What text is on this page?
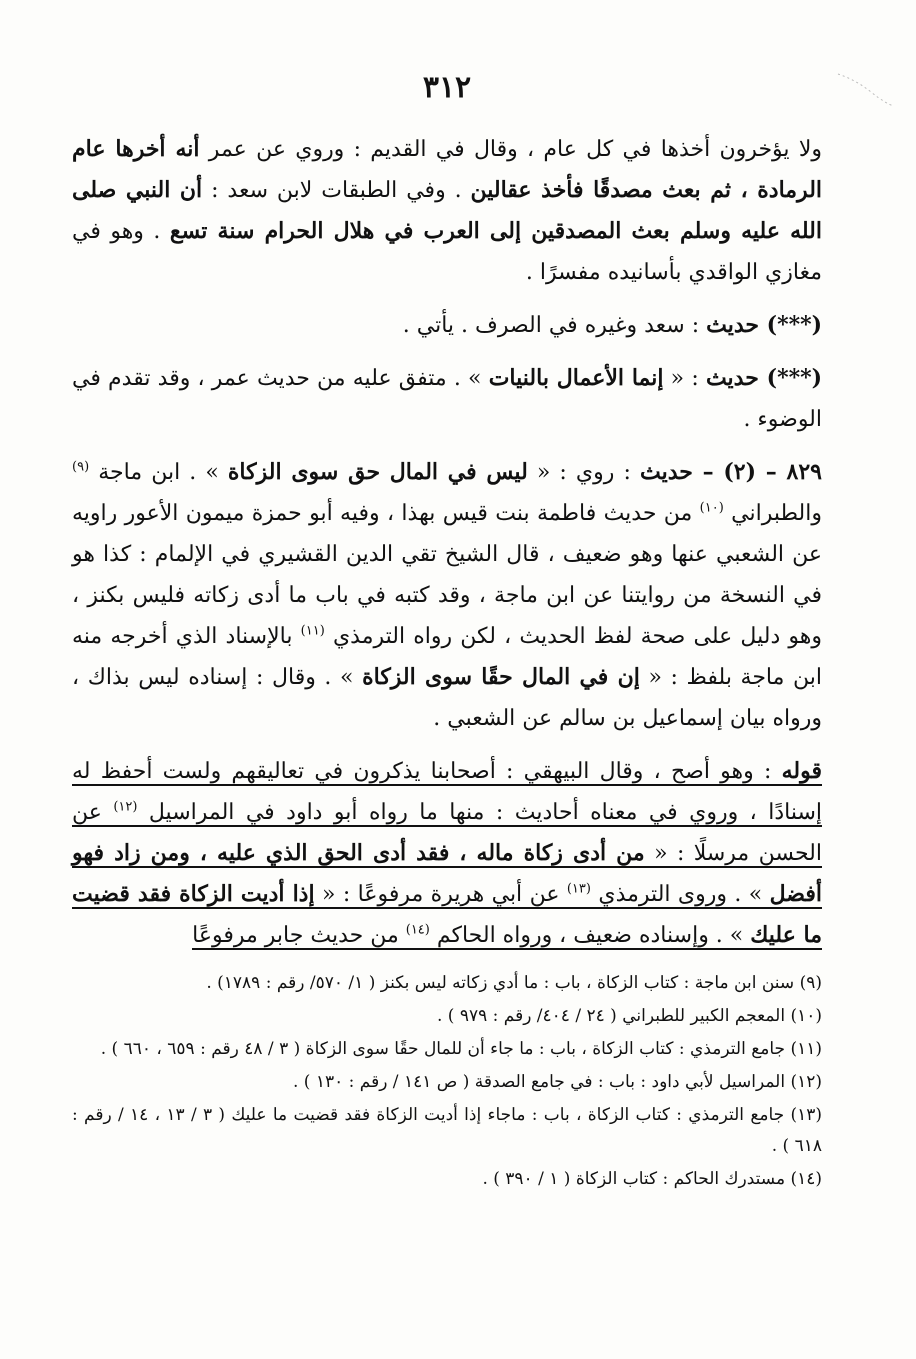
٣١٢

ولا يؤخرون أخذها في كل عام ، وقال في القديم : وروي عن عمر أنه أخرها عام الرمادة ، ثم بعث مصدقًا فأخذ عقالين . وفي الطبقات لابن سعد : أن النبي صلى الله عليه وسلم بعث المصدقين إلى العرب في هلال الحرام سنة تسع . وهو في مغازي الواقدي بأسانيده مفسرًا .

(***) حديث : سعد وغيره في الصرف . يأتي .

(***) حديث : « إنما الأعمال بالنيات » . متفق عليه من حديث عمر ، وقد تقدم في الوضوء .

٨٢٩ – (٢) – حديث : روي : « ليس في المال حق سوى الزكاة » . ابن ماجة $^{(٩)}$ والطبراني $^{(١٠)}$ من حديث فاطمة بنت قيس بهذا ، وفيه أبو حمزة ميمون الأعور راويه عن الشعبي عنها وهو ضعيف ، قال الشيخ تقي الدين القشيري في الإلمام : كذا هو في النسخة من روايتنا عن ابن ماجة ، وقد كتبه في باب ما أدى زكاته فليس بكنز ، وهو دليل على صحة لفظ الحديث ، لكن رواه الترمذي $^{(١١)}$ بالإسناد الذي أخرجه منه ابن ماجة بلفظ : « إن في المال حقًا سوى الزكاة » . وقال : إسناده ليس بذاك ، ورواه بيان إسماعيل بن سالم عن الشعبي .

قوله : وهو أصح ، وقال البيهقي : أصحابنا يذكرون في تعاليقهم ولست أحفظ له إسنادًا ، وروي في معناه أحاديث : منها ما رواه أبو داود في المراسيل $^{(١٢)}$ عن الحسن مرسلًا : « من أدى زكاة ماله ، فقد أدى الحق الذي عليه ، ومن زاد فهو أفضل » . وروى الترمذي $^{(١٣)}$ عن أبي هريرة مرفوعًا : « إذا أديت الزكاة فقد قضيت ما عليك » . وإسناده ضعيف ، ورواه الحاكم $^{(١٤)}$ من حديث جابر مرفوعًا

(٩) سنن ابن ماجة : كتاب الزكاة ، باب : ما أدي زكاته ليس بكنز ( ١/ ٥٧٠/ رقم : ١٧٨٩) .

(١٠) المعجم الكبير للطبراني ( ٢٤ / ٤٠٤/ رقم : ٩٧٩ ) .

(١١) جامع الترمذي : كتاب الزكاة ، باب : ما جاء أن للمال حقًا سوى الزكاة ( ٣ / ٤٨ رقم : ٦٥٩ ، ٦٦٠ ) .

(١٢) المراسيل لأبي داود : باب : في جامع الصدقة ( ص ١٤١ / رقم : ١٣٠ ) .

(١٣) جامع الترمذي : كتاب الزكاة ، باب : ماجاء إذا أديت الزكاة فقد قضيت ما عليك ( ٣ / ١٣ ، ١٤ / رقم : ٦١٨ ) .

(١٤) مستدرك الحاكم : كتاب الزكاة ( ١ / ٣٩٠ ) .
